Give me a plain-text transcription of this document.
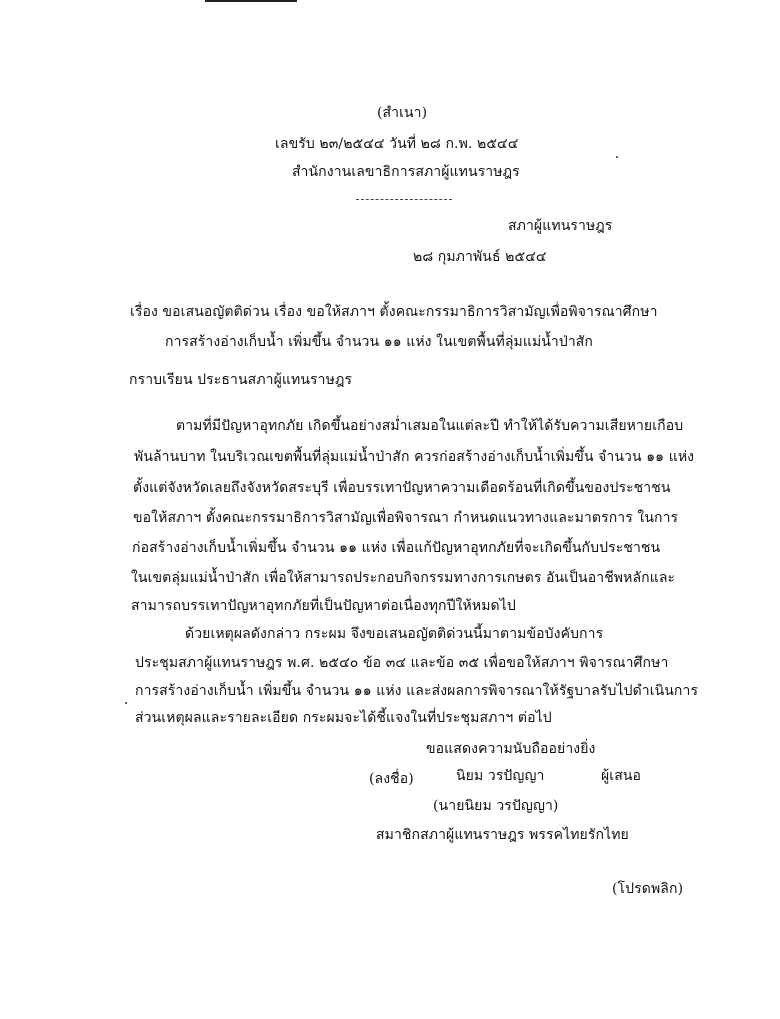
(สำเนา)
เลขรับ ๒๓/๒๕๔๔ วันที่ ๒๘ ก.พ. ๒๕๔๔
สำนักงานเลขาธิการสภาผู้แทนราษฎร
สภาผู้แทนราษฎร
๒๘ กุมภาพันธ์ ๒๕๔๔
เรื่อง ขอเสนอญัตติด่วน เรื่อง ขอให้สภาฯ ตั้งคณะกรรมาธิการวิสามัญเพื่อพิจารณาศึกษา
การสร้างอ่างเก็บน้ำ เพิ่มขึ้น จำนวน ๑๑ แห่ง ในเขตพื้นที่ลุ่มแม่น้ำป่าสัก
กราบเรียน ประธานสภาผู้แทนราษฎร
ตามที่มีปัญหาอุทกภัย เกิดขึ้นอย่างสม่ำเสมอในแต่ละปี ทำให้ได้รับความเสียหายเกือบ
พันล้านบาท ในบริเวณเขตพื้นที่ลุ่มแม่น้ำป่าสัก ควรก่อสร้างอ่างเก็บน้ำเพิ่มขึ้น จำนวน ๑๑ แห่ง
ตั้งแต่จังหวัดเลยถึงจังหวัดสระบุรี เพื่อบรรเทาปัญหาความเดือดร้อนที่เกิดขึ้นของประชาชน
ขอให้สภาฯ ตั้งคณะกรรมาธิการวิสามัญเพื่อพิจารณา กำหนดแนวทางและมาตรการ ในการ
ก่อสร้างอ่างเก็บน้ำเพิ่มขึ้น จำนวน ๑๑ แห่ง เพื่อแก้ปัญหาอุทกภัยที่จะเกิดขึ้นกับประชาชน
ในเขตลุ่มแม่น้ำป่าสัก เพื่อให้สามารถประกอบกิจกรรมทางการเกษตร อันเป็นอาชีพหลักและ
สามารถบรรเทาปัญหาอุทกภัยที่เป็นปัญหาต่อเนื่องทุกปีให้หมดไป
ด้วยเหตุผลดังกล่าว กระผม จึงขอเสนอญัตติด่วนนี้มาตามข้อบังคับการ
ประชุมสภาผู้แทนราษฎร พ.ศ. ๒๕๔๐ ข้อ ๓๔ และข้อ ๓๕ เพื่อขอให้สภาฯ พิจารณาศึกษา
การสร้างอ่างเก็บน้ำ เพิ่มขึ้น จำนวน ๑๑ แห่ง และส่งผลการพิจารณาให้รัฐบาลรับไปดำเนินการ
ส่วนเหตุผลและรายละเอียด กระผมจะได้ชี้แจงในที่ประชุมสภาฯ ต่อไป
ขอแสดงความนับถืออย่างยิ่ง
(ลงชื่อ)	นิยม วรปัญญา	ผู้เสนอ
(นายนิยม วรปัญญา)
สมาชิกสภาผู้แทนราษฎร พรรคไทยรักไทย
(โปรดพลิก)
